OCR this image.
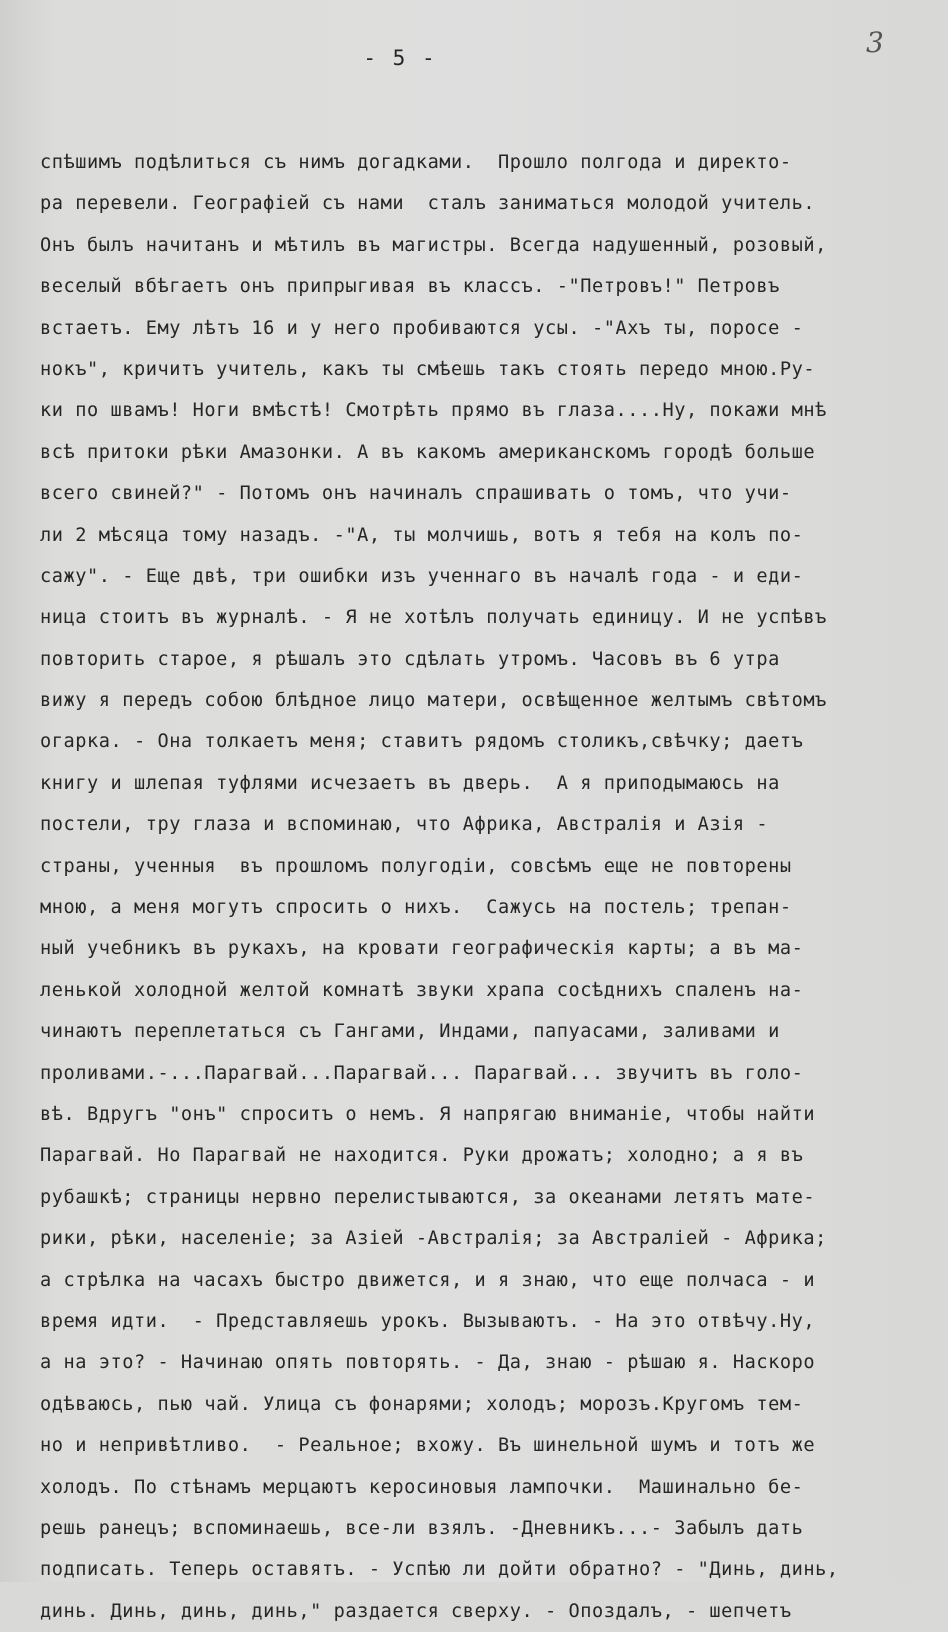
- 5 -	3
спѣшимъ подѣлиться съ нимъ догадками.  Прошло полгода и директо-
ра перевели. Географіей съ нами  сталъ заниматься молодой учитель.
Онъ былъ начитанъ и мѣтилъ въ магистры. Всегда надушенный, розовый,
веселый вбѣгаетъ онъ припрыгивая въ классъ. -"Петровъ!" Петровъ
встаетъ. Ему лѣтъ 16 и у него пробиваются усы. -"Ахъ ты, поросе -
нокъ", кричитъ учитель, какъ ты смѣешь такъ стоять передо мною.Ру-
ки по швамъ! Ноги вмѣстѣ! Смотрѣть прямо въ глаза....Ну, покажи мнѣ
всѣ притоки рѣки Амазонки. А въ какомъ американскомъ городѣ больше
всего свиней?" - Потомъ онъ начиналъ спрашивать о томъ, что учи-
ли 2 мѣсяца тому назадъ. -"А, ты молчишь, вотъ я тебя на колъ по-
сажу". - Еще двѣ, три ошибки изъ ученнаго въ началѣ года - и еди-
ница стоитъ въ журналѣ. - Я не хотѣлъ получать единицу. И не успѣвъ
повторить старое, я рѣшалъ это сдѣлать утромъ. Часовъ въ 6 утра
вижу я передъ собою блѣдное лицо матери, освѣщенное желтымъ свѣтомъ
огарка. - Она толкаетъ меня; ставитъ рядомъ столикъ,свѣчку; даетъ
книгу и шлепая туфлями исчезаетъ въ дверь.  А я приподымаюсь на
постели, тру глаза и вспоминаю, что Африка, Австралія и Азія -
страны, ученныя  въ прошломъ полугодіи, совсѣмъ еще не повторены
мною, а меня могутъ спросить о нихъ.  Сажусь на постель; трепан-
ный учебникъ въ рукахъ, на кровати географическія карты; а въ ма-
ленькой холодной желтой комнатѣ звуки храпа сосѣднихъ спаленъ на-
чинаютъ переплетаться съ Гангами, Индами, папуасами, заливами и
проливами.-...Парагвай...Парагвай... Парагвай... звучитъ въ голо-
вѣ. Вдругъ "онъ" спроситъ о немъ. Я напрягаю вниманіе, чтобы найти
Парагвай. Но Парагвай не находится. Руки дрожатъ; холодно; а я въ
рубашкѣ; страницы нервно перелистываются, за океанами летятъ мате-
рики, рѣки, населеніе; за Азіей -Австралія; за Австраліей - Африка;
а стрѣлка на часахъ быстро движется, и я знаю, что еще полчаса - и
время идти.  - Представляешь урокъ. Вызываютъ. - На это отвѣчу.Ну,
а на это? - Начинаю опять повторять. - Да, знаю - рѣшаю я. Наскоро
одѣваюсь, пью чай. Улица съ фонарями; холодъ; морозъ.Кругомъ тем-
но и непривѣтливо.  - Реальное; вхожу. Въ шинельной шумъ и тотъ же
холодъ. По стѣнамъ мерцаютъ керосиновыя лампочки.  Машинально бе-
решь ранецъ; вспоминаешь, все-ли взялъ. -Дневникъ...- Забылъ дать
подписать. Теперь оставятъ. - Успѣю ли дойти обратно? - "Динь, динь,
динь. Динь, динь, динь," раздается сверху. - Опоздалъ, - шепчетъ
